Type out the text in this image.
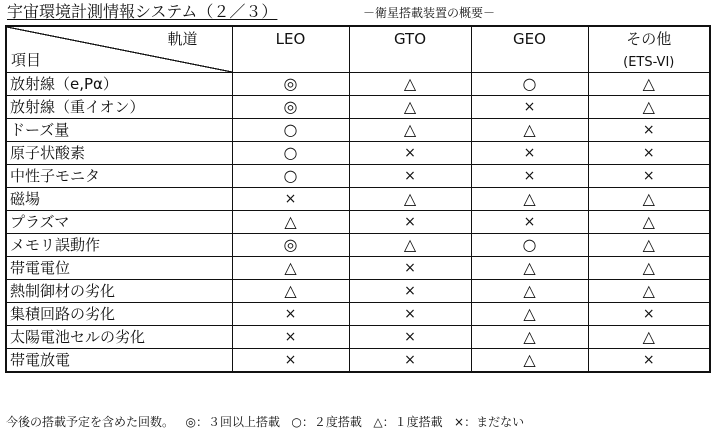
宇宙環境計測情報システム（２／３）	－衛星搭載装置の概要－
軌道
項目	LEO	GTO	GEO	その他
(ETS-VI)

放射線（e,Pα）	◎	△	○	△
放射線（重イオン）	◎	△	×	△
ドーズ量	○	△	△	×
原子状酸素	○	×	×	×
中性子モニタ	○	×	×	×
磁場	×	△	△	△
プラズマ	△	×	×	△
メモリ誤動作	◎	△	○	△
帯電電位	△	×	△	△
熱制御材の劣化	△	×	△	△
集積回路の劣化	×	×	△	×
太陽電池セルの劣化	×	×	△	△
帯電放電	×	×	△	×
今後の搭載予定を含めた回数。 ◎：３回以上搭載 ○：２度搭載 △：１度搭載 ×：まだない
